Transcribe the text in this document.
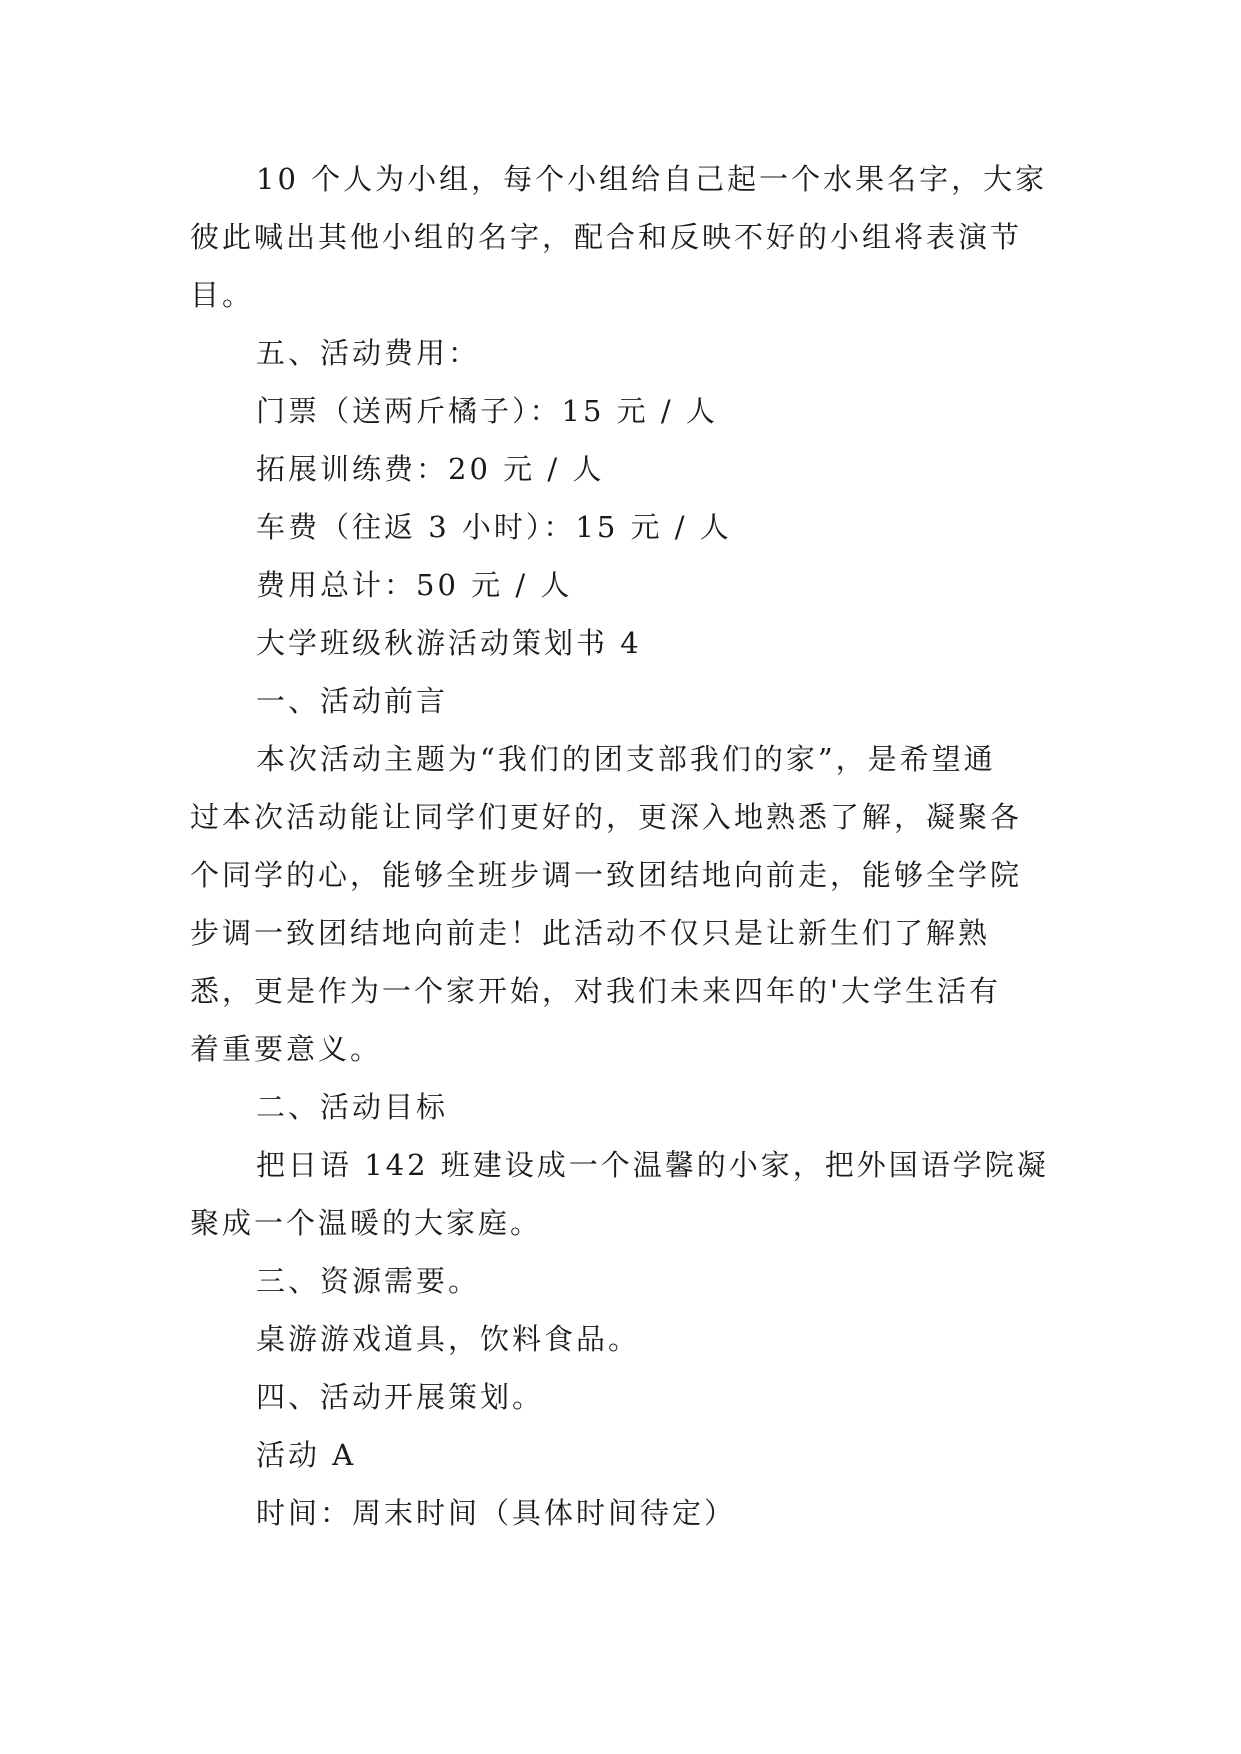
10 个人为小组，每个小组给自己起一个水果名字，大家
彼此喊出其他小组的名字，配合和反映不好的小组将表演节
目。
五、活动费用：
门票（送两斤橘子）：15 元 / 人
拓展训练费：20 元 / 人
车费（往返 3 小时）：15 元 / 人
费用总计：50 元 / 人
大学班级秋游活动策划书 4
一、活动前言
本次活动主题为“我们的团支部我们的家”，是希望通
过本次活动能让同学们更好的，更深入地熟悉了解，凝聚各
个同学的心，能够全班步调一致团结地向前走，能够全学院
步调一致团结地向前走！此活动不仅只是让新生们了解熟
悉，更是作为一个家开始，对我们未来四年的'大学生活有
着重要意义。
二、活动目标
把日语 142 班建设成一个温馨的小家，把外国语学院凝
聚成一个温暖的大家庭。
三、资源需要。
桌游游戏道具，饮料食品。
四、活动开展策划。
活动 A
时间：周末时间（具体时间待定）
